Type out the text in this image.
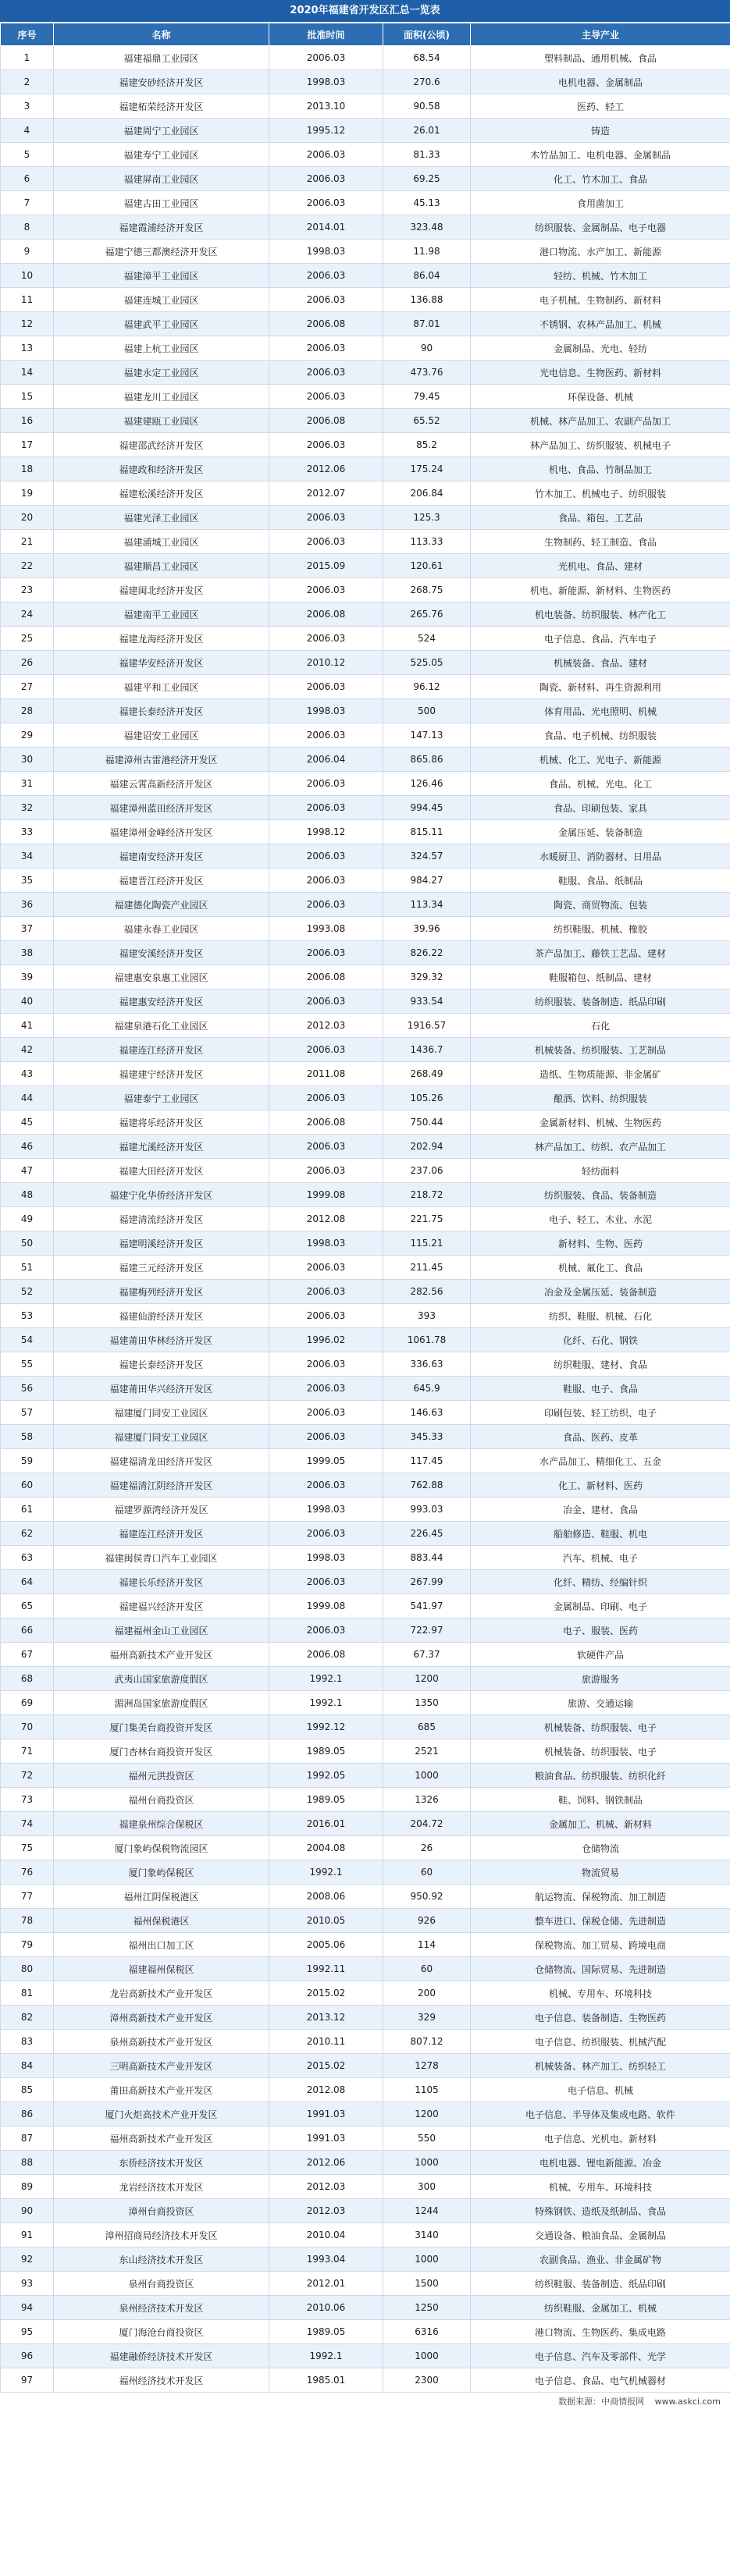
2020年福建省开发区汇总一览表
序号	名称	批准时间	面积(公顷)	主导产业
1	福建福鼎工业园区	2006.03	68.54	塑料制品、通用机械、食品
2	福建安砂经济开发区	1998.03	270.6	电机电器、金属制品
3	福建柘荣经济开发区	2013.10	90.58	医药、轻工
4	福建周宁工业园区	1995.12	26.01	铸造
5	福建寿宁工业园区	2006.03	81.33	木竹品加工、电机电器、金属制品
6	福建屏南工业园区	2006.03	69.25	化工、竹木加工、食品
7	福建古田工业园区	2006.03	45.13	食用菌加工
8	福建霞浦经济开发区	2014.01	323.48	纺织服装、金属制品、电子电器
9	福建宁德三都澳经济开发区	1998.03	11.98	港口物流、水产加工、新能源
10	福建漳平工业园区	2006.03	86.04	轻纺、机械、竹木加工
11	福建连城工业园区	2006.03	136.88	电子机械、生物制药、新材料
12	福建武平工业园区	2006.08	87.01	不锈钢、农林产品加工、机械
13	福建上杭工业园区	2006.03	90	金属制品、光电、轻纺
14	福建永定工业园区	2006.03	473.76	光电信息、生物医药、新材料
15	福建龙川工业园区	2006.03	79.45	环保设备、机械
16	福建建瓯工业园区	2006.08	65.52	机械、林产品加工、农副产品加工
17	福建邵武经济开发区	2006.03	85.2	林产品加工、纺织服装、机械电子
18	福建政和经济开发区	2012.06	175.24	机电、食品、竹制品加工
19	福建松溪经济开发区	2012.07	206.84	竹木加工、机械电子、纺织服装
20	福建光泽工业园区	2006.03	125.3	食品、箱包、工艺品
21	福建浦城工业园区	2006.03	113.33	生物制药、轻工制造、食品
22	福建顺昌工业园区	2015.09	120.61	光机电、食品、建材
23	福建闽北经济开发区	2006.03	268.75	机电、新能源、新材料、生物医药
24	福建南平工业园区	2006.08	265.76	机电装备、纺织服装、林产化工
25	福建龙海经济开发区	2006.03	524	电子信息、食品、汽车电子
26	福建华安经济开发区	2010.12	525.05	机械装备、食品、建材
27	福建平和工业园区	2006.03	96.12	陶瓷、新材料、再生资源利用
28	福建长泰经济开发区	1998.03	500	体育用品、光电照明、机械
29	福建诏安工业园区	2006.03	147.13	食品、电子机械、纺织服装
30	福建漳州古雷港经济开发区	2006.04	865.86	机械、化工、光电子、新能源
31	福建云霄高新经济开发区	2006.03	126.46	食品、机械、光电、化工
32	福建漳州蓝田经济开发区	2006.03	994.45	食品、印刷包装、家具
33	福建漳州金峰经济开发区	1998.12	815.11	金属压延、装备制造
34	福建南安经济开发区	2006.03	324.57	水暖厨卫、消防器材、日用品
35	福建晋江经济开发区	2006.03	984.27	鞋服、食品、纸制品
36	福建德化陶瓷产业园区	2006.03	113.34	陶瓷、商贸物流、包装
37	福建永春工业园区	1993.08	39.96	纺织鞋服、机械、橡胶
38	福建安溪经济开发区	2006.03	826.22	茶产品加工、藤铁工艺品、建材
39	福建惠安泉惠工业园区	2006.08	329.32	鞋服箱包、纸制品、建材
40	福建惠安经济开发区	2006.03	933.54	纺织服装、装备制造、纸品印刷
41	福建泉港石化工业园区	2012.03	1916.57	石化
42	福建连江经济开发区	2006.03	1436.7	机械装备、纺织服装、工艺制品
43	福建建宁经济开发区	2011.08	268.49	造纸、生物质能源、非金属矿
44	福建泰宁工业园区	2006.03	105.26	酿酒、饮料、纺织服装
45	福建将乐经济开发区	2006.08	750.44	金属新材料、机械、生物医药
46	福建尤溪经济开发区	2006.03	202.94	林产品加工、纺织、农产品加工
47	福建大田经济开发区	2006.03	237.06	轻纺面料
48	福建宁化华侨经济开发区	1999.08	218.72	纺织服装、食品、装备制造
49	福建清流经济开发区	2012.08	221.75	电子、轻工、木业、水泥
50	福建明溪经济开发区	1998.03	115.21	新材料、生物、医药
51	福建三元经济开发区	2006.03	211.45	机械、氟化工、食品
52	福建梅列经济开发区	2006.03	282.56	冶金及金属压延、装备制造
53	福建仙游经济开发区	2006.03	393	纺织、鞋服、机械、石化
54	福建莆田华林经济开发区	1996.02	1061.78	化纤、石化、钢铁
55	福建长泰经济开发区	2006.03	336.63	纺织鞋服、建材、食品
56	福建莆田华兴经济开发区	2006.03	645.9	鞋服、电子、食品
57	福建厦门同安工业园区	2006.03	146.63	印刷包装、轻工纺织、电子
58	福建厦门同安工业园区	2006.03	345.33	食品、医药、皮革
59	福建福清龙田经济开发区	1999.05	117.45	水产品加工、精细化工、五金
60	福建福清江阴经济开发区	2006.03	762.88	化工、新材料、医药
61	福建罗源湾经济开发区	1998.03	993.03	冶金、建材、食品
62	福建连江经济开发区	2006.03	226.45	船舶修造、鞋服、机电
63	福建闽侯青口汽车工业园区	1998.03	883.44	汽车、机械、电子
64	福建长乐经济开发区	2006.03	267.99	化纤、精纺、经编针织
65	福建福兴经济开发区	1999.08	541.97	金属制品、印刷、电子
66	福建福州金山工业园区	2006.03	722.97	电子、服装、医药
67	福州高新技术产业开发区	2006.08	67.37	软硬件产品
68	武夷山国家旅游度假区	1992.1	1200	旅游服务
69	湄洲岛国家旅游度假区	1992.1	1350	旅游、交通运输
70	厦门集美台商投资开发区	1992.12	685	机械装备、纺织服装、电子
71	厦门杏林台商投资开发区	1989.05	2521	机械装备、纺织服装、电子
72	福州元洪投资区	1992.05	1000	粮油食品、纺织服装、纺织化纤
73	福州台商投资区	1989.05	1326	鞋、饲料、钢铁制品
74	福建泉州综合保税区	2016.01	204.72	金属加工、机械、新材料
75	厦门象屿保税物流园区	2004.08	26	仓储物流
76	厦门象屿保税区	1992.1	60	物流贸易
77	福州江阴保税港区	2008.06	950.92	航运物流、保税物流、加工制造
78	福州保税港区	2010.05	926	整车进口、保税仓储、先进制造
79	福州出口加工区	2005.06	114	保税物流、加工贸易、跨境电商
80	福建福州保税区	1992.11	60	仓储物流、国际贸易、先进制造
81	龙岩高新技术产业开发区	2015.02	200	机械、专用车、环境科技
82	漳州高新技术产业开发区	2013.12	329	电子信息、装备制造、生物医药
83	泉州高新技术产业开发区	2010.11	807.12	电子信息、纺织服装、机械汽配
84	三明高新技术产业开发区	2015.02	1278	机械装备、林产加工、纺织轻工
85	莆田高新技术产业开发区	2012.08	1105	电子信息、机械
86	厦门火炬高技术产业开发区	1991.03	1200	电子信息、半导体及集成电路、软件
87	福州高新技术产业开发区	1991.03	550	电子信息、光机电、新材料
88	东侨经济技术开发区	2012.06	1000	电机电器、锂电新能源、冶金
89	龙岩经济技术开发区	2012.03	300	机械、专用车、环境科技
90	漳州台商投资区	2012.03	1244	特殊钢铁、造纸及纸制品、食品
91	漳州招商局经济技术开发区	2010.04	3140	交通设备、粮油食品、金属制品
92	东山经济技术开发区	1993.04	1000	农副食品、渔业、非金属矿物
93	泉州台商投资区	2012.01	1500	纺织鞋服、装备制造、纸品印刷
94	泉州经济技术开发区	2010.06	1250	纺织鞋服、金属加工、机械
95	厦门海沧台商投资区	1989.05	6316	港口物流、生物医药、集成电路
96	福建融侨经济技术开发区	1992.1	1000	电子信息、汽车及零部件、光学
97	福州经济技术开发区	1985.01	2300	电子信息、食品、电气机械器材
数据来源：中商情报网 www.askci.com
